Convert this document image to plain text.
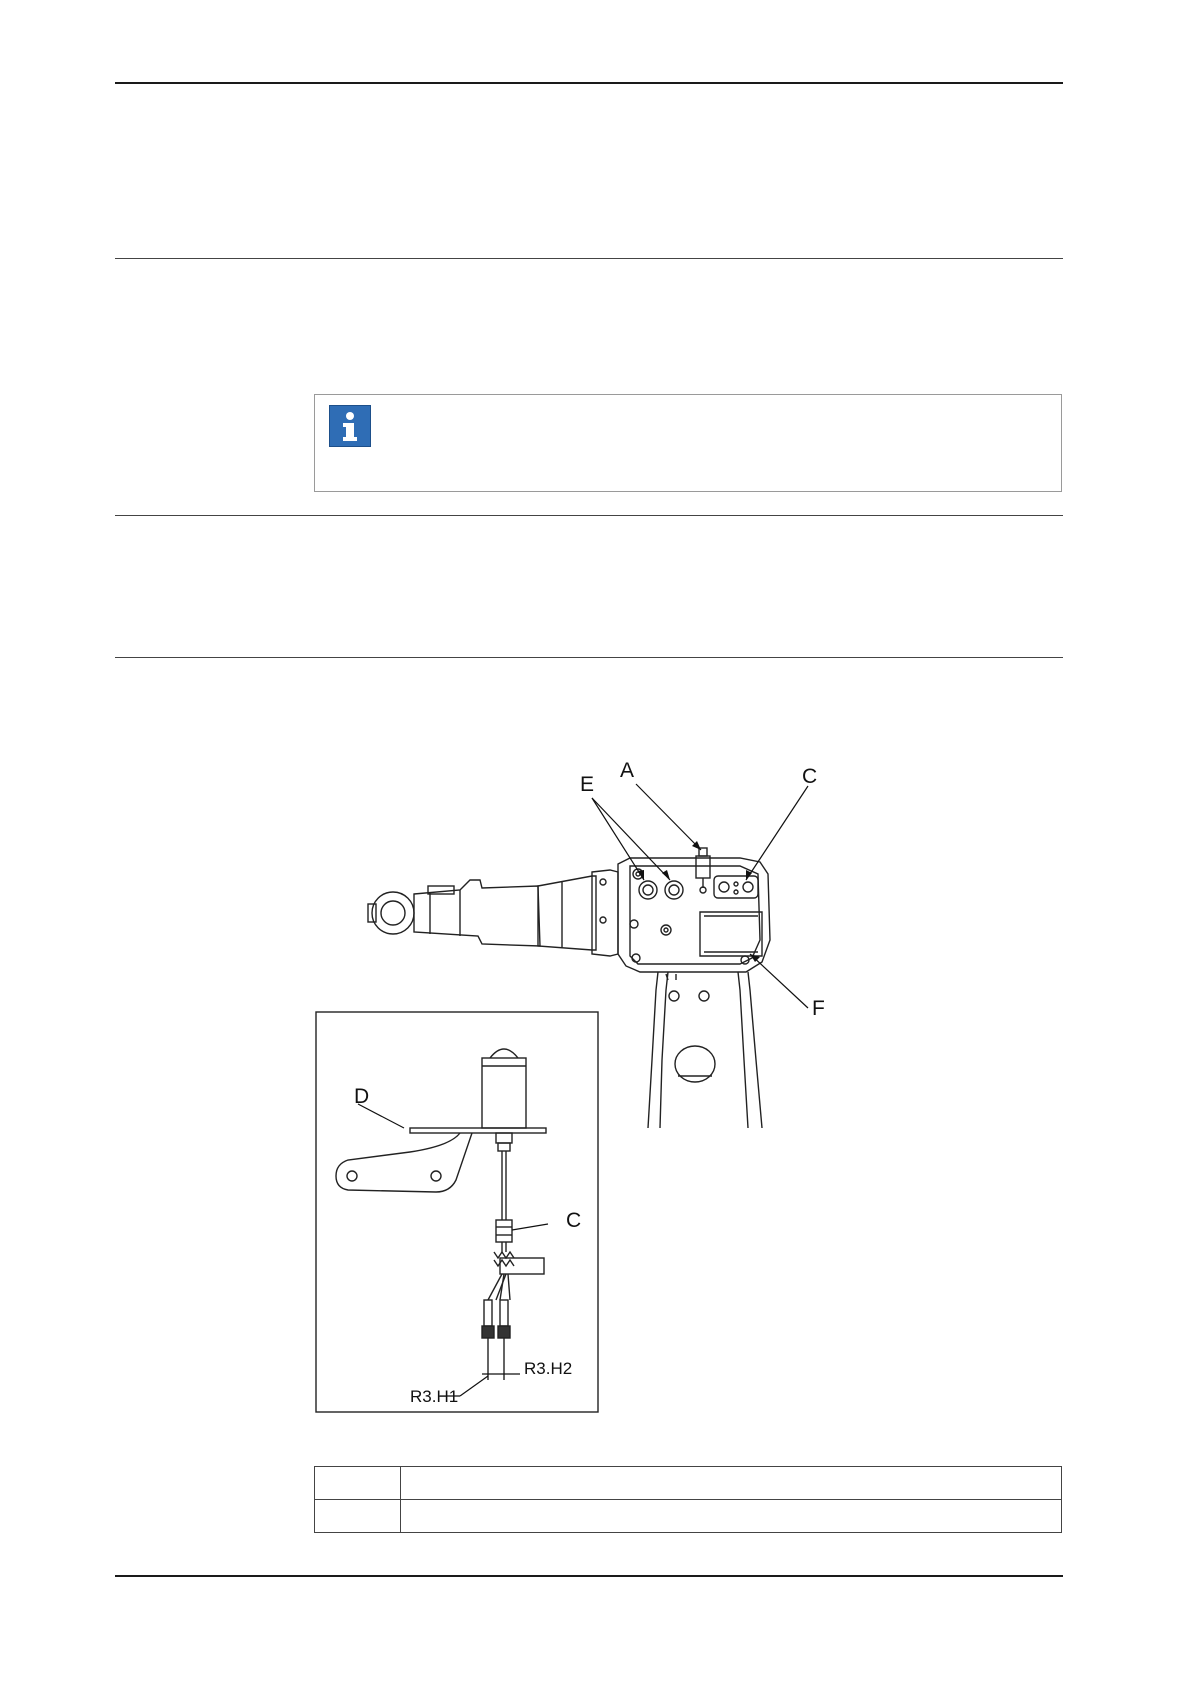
A
E	C
F
D
C
R3.H2
R3.H1
